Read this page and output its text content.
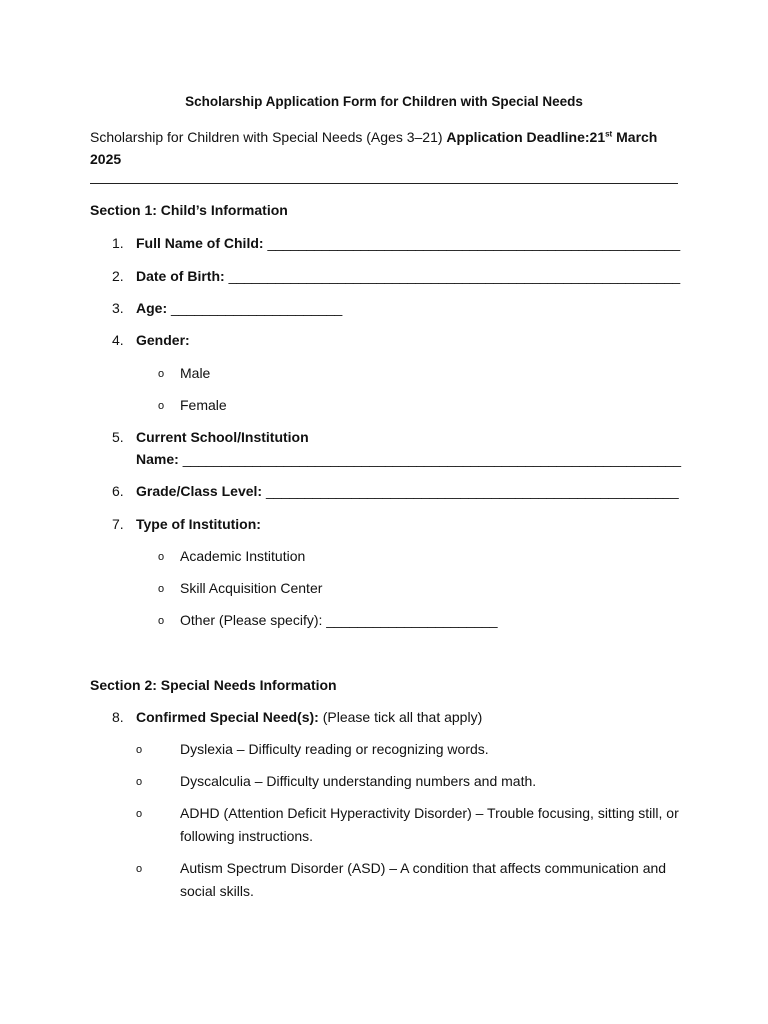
Scholarship Application Form for Children with Special Needs
Scholarship for Children with Special Needs (Ages 3–21) Application Deadline:21st March 2025
Section 1: Child’s Information
1. Full Name of Child: _____________________________________________________
2. Date of Birth: __________________________________________________________
3. Age: ______________________
4. Gender:
o Male
o Female
5. Current School/Institution
Name: ________________________________________________________________
6. Grade/Class Level: _____________________________________________________
7. Type of Institution:
o Academic Institution
o Skill Acquisition Center
o Other (Please specify): ______________________
Section 2: Special Needs Information
8. Confirmed Special Need(s): (Please tick all that apply)
o	Dyslexia – Difficulty reading or recognizing words.
o	Dyscalculia – Difficulty understanding numbers and math.
o	ADHD (Attention Deficit Hyperactivity Disorder) – Trouble focusing, sitting still, or following instructions.
o	Autism Spectrum Disorder (ASD) – A condition that affects communication and social skills.
